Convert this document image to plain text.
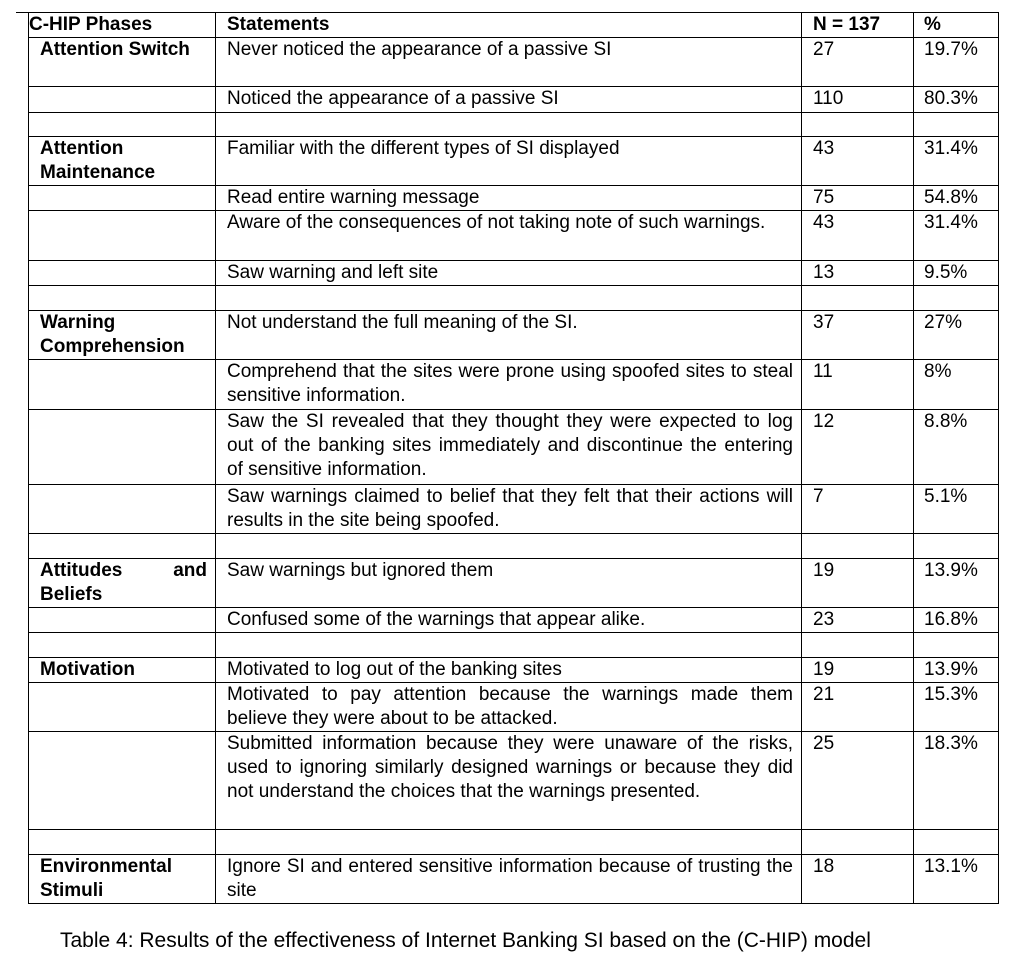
C-HIP Phases	Statements	N = 137	%
Attention Switch	Never noticed the appearance of a passive SI	27	19.7%
	Noticed the appearance of a passive SI	110	80.3%

Attention Maintenance	Familiar with the different types of SI displayed	43	31.4%
	Read entire warning message	75	54.8%
	Aware of the consequences of not taking note of such warnings.	43	31.4%
	Saw warning and left site	13	9.5%

Warning Comprehension	Not understand the full meaning of the SI.	37	27%
	Comprehend that the sites were prone using spoofed sites to steal sensitive information.	11	8%
	Saw the SI revealed that they thought they were expected to log out of the banking sites immediately and discontinue the entering of sensitive information.	12	8.8%
	Saw warnings claimed to belief that they felt that their actions will results in the site being spoofed.	7	5.1%

Attitudes and Beliefs	Saw warnings but ignored them	19	13.9%
	Confused some of the warnings that appear alike.	23	16.8%

Motivation	Motivated to log out of the banking sites	19	13.9%
	Motivated to pay attention because the warnings made them believe they were about to be attacked.	21	15.3%
	Submitted information because they were unaware of the risks, used to ignoring similarly designed warnings or because they did not understand the choices that the warnings presented.	25	18.3%

Environmental Stimuli	Ignore SI and entered sensitive information because of trusting the site	18	13.1%
Table 4: Results of the effectiveness of Internet Banking SI based on the (C-HIP) model
